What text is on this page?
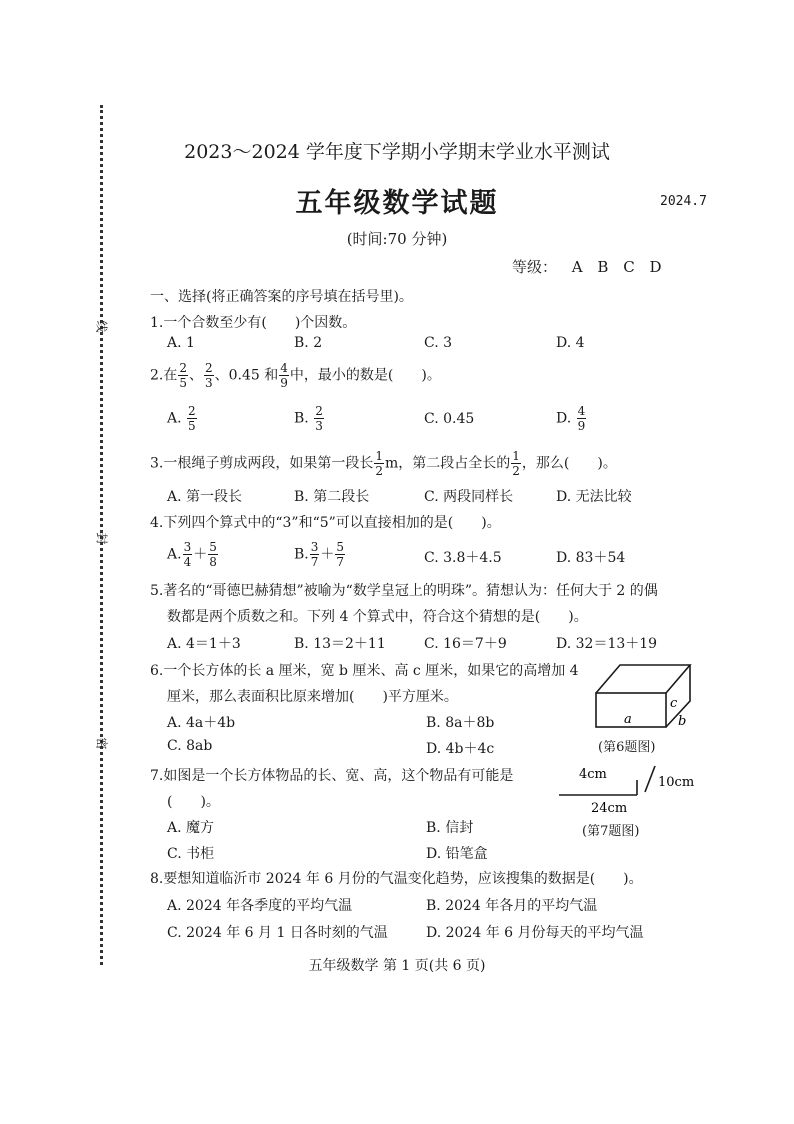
线
封
密
2023～2024 学年度下学期小学期末学业水平测试
五年级数学试题	2024.7
(时间:70 分钟)
等级： A B C D
一、选择(将正确答案的序号填在括号里)。
1.一个合数至少有(　　)个因数。
A. 1	B. 2	C. 3	D. 4
2.在 $\frac{2}{5}$ 、 $\frac{2}{3}$ 、0.45 和 $\frac{4}{9}$ 中，最小的数是(　　)。
A. $\frac{2}{5}$	B. $\frac{2}{3}$	C. 0.45	D. $\frac{4}{9}$
3.一根绳子剪成两段，如果第一段长 $\frac{1}{2}$ m，第二段占全长的 $\frac{1}{2}$ ，那么(　　)。
A. 第一段长	B. 第二段长	C. 两段同样长	D. 无法比较
4.下列四个算式中的“3”和“5”可以直接相加的是(　　)。
A. $\frac{3}{4} + \frac{5}{8}$	B. $\frac{3}{7} + \frac{5}{7}$	C. 3.8＋4.5	D. 83＋54
5.著名的“哥德巴赫猜想”被喻为“数学皇冠上的明珠”。猜想认为：任何大于 2 的偶
数都是两个质数之和。下列 4 个算式中，符合这个猜想的是(　　)。
A. 4＝1＋3	B. 13＝2＋11	C. 16＝7＋9	D. 32＝13＋19
6.一个长方体的长 a 厘米，宽 b 厘米、高 c 厘米，如果它的高增加 4
厘米，那么表面积比原来增加(　　)平方厘米。
A. 4a＋4b	B. 8a＋8b
C. 8ab	D. 4b＋4c
a	b
c
(第6题图)
7.如图是一个长方体物品的长、宽、高，这个物品有可能是
(　　)。
A. 魔方	B. 信封
C. 书柜	D. 铅笔盒
4cm
10cm
24cm
(第7题图)
8.要想知道临沂市 2024 年 6 月份的气温变化趋势，应该搜集的数据是(　　)。
A. 2024 年各季度的平均气温	B. 2024 年各月的平均气温
C. 2024 年 6 月 1 日各时刻的气温	D. 2024 年 6 月份每天的平均气温
五年级数学 第 1 页(共 6 页)
